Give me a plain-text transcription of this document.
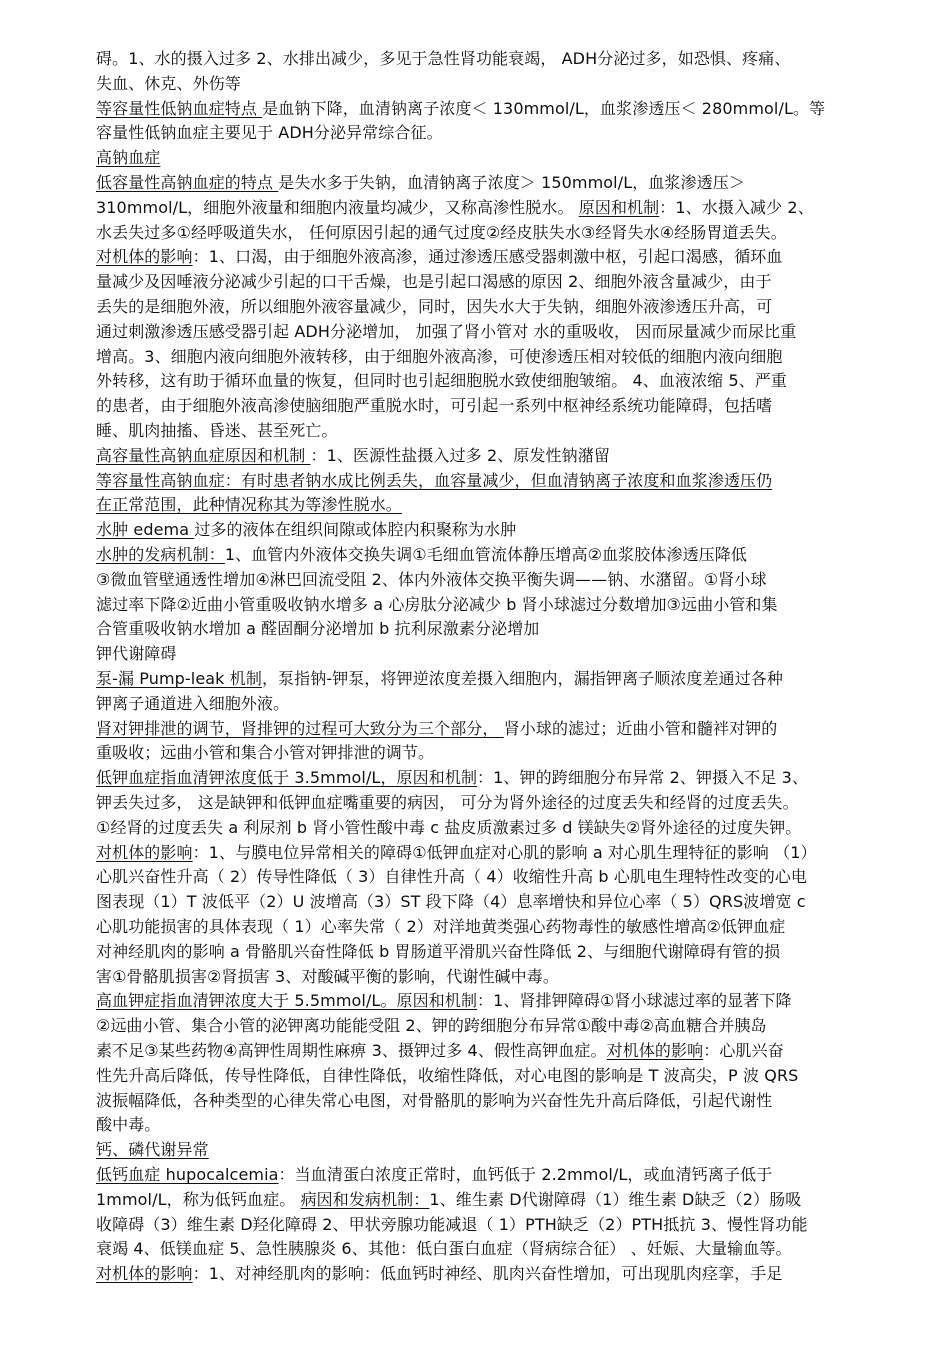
碍。1、水的摄入过多 2、水排出减少，多见于急性肾功能衰竭， ADH分泌过多，如恐惧、疼痛、
失血、休克、外伤等
等容量性低钠血症特点 是血钠下降，血清钠离子浓度＜ 130mmol/L，血浆渗透压＜ 280mmol/L。等
容量性低钠血症主要见于 ADH分泌异常综合征。
高钠血症
低容量性高钠血症的特点 是失水多于失钠，血清钠离子浓度＞ 150mmol/L，血浆渗透压＞
310mmol/L，细胞外液量和细胞内液量均减少，又称高渗性脱水。 原因和机制：1、水摄入减少 2、
水丢失过多①经呼吸道失水， 任何原因引起的通气过度②经皮肤失水③经肾失水④经肠胃道丢失。
对机体的影响：1、口渴，由于细胞外液高渗，通过渗透压感受器刺激中枢，引起口渴感，循环血
量减少及因唾液分泌减少引起的口干舌燥，也是引起口渴感的原因 2、细胞外液含量减少，由于
丢失的是细胞外液，所以细胞外液容量减少，同时，因失水大于失钠，细胞外液渗透压升高，可
通过刺激渗透压感受器引起 ADH分泌增加， 加强了肾小管对 水的重吸收， 因而尿量减少而尿比重
增高。3、细胞内液向细胞外液转移，由于细胞外液高渗，可使渗透压相对较低的细胞内液向细胞
外转移，这有助于循环血量的恢复，但同时也引起细胞脱水致使细胞皱缩。 4、血液浓缩 5、严重
的患者，由于细胞外液高渗使脑细胞严重脱水时，可引起一系列中枢神经系统功能障碍，包括嗜
睡、肌肉抽搐、昏迷、甚至死亡。
高容量性高钠血症原因和机制 ：1、医源性盐摄入过多 2、原发性钠潴留
等容量性高钠血症：有时患者钠水成比例丢失，血容量减少，但血清钠离子浓度和血浆渗透压仍
在正常范围，此种情况称其为等渗性脱水。
水肿 edema 过多的液体在组织间隙或体腔内积聚称为水肿
水肿的发病机制：1、血管内外液体交换失调①毛细血管流体静压增高②血浆胶体渗透压降低
③微血管壁通透性增加④淋巴回流受阻 2、体内外液体交换平衡失调——钠、水潴留。①肾小球
滤过率下降②近曲小管重吸收钠水增多 a 心房肽分泌减少 b 肾小球滤过分数增加③远曲小管和集
合管重吸收钠水增加 a 醛固酮分泌增加 b 抗利尿激素分泌增加
钾代谢障碍
泵-漏 Pump-leak 机制，泵指钠-钾泵，将钾逆浓度差摄入细胞内，漏指钾离子顺浓度差通过各种
钾离子通道进入细胞外液。
肾对钾排泄的调节，肾排钾的过程可大致分为三个部分， 肾小球的滤过；近曲小管和髓袢对钾的
重吸收；远曲小管和集合小管对钾排泄的调节。
低钾血症指血清钾浓度低于 3.5mmol/L，原因和机制：1、钾的跨细胞分布异常 2、钾摄入不足 3、
钾丢失过多， 这是缺钾和低钾血症嘴重要的病因， 可分为肾外途径的过度丢失和经肾的过度丢失。
①经肾的过度丢失 a 利尿剂 b 肾小管性酸中毒 c 盐皮质激素过多 d 镁缺失②肾外途径的过度失钾。
对机体的影响：1、与膜电位异常相关的障碍①低钾血症对心肌的影响 a 对心肌生理特征的影响 （1）
心肌兴奋性升高（ 2）传导性降低（ 3）自律性升高（ 4）收缩性升高 b 心肌电生理特性改变的心电
图表现（1）T 波低平（2）U 波增高（3）ST 段下降（4）息率增快和异位心率（ 5）QRS波增宽 c
心肌功能损害的具体表现（ 1）心率失常（ 2）对洋地黄类强心药物毒性的敏感性增高②低钾血症
对神经肌肉的影响 a 骨骼肌兴奋性降低 b 胃肠道平滑肌兴奋性降低 2、与细胞代谢障碍有管的损
害①骨骼肌损害②肾损害 3、对酸碱平衡的影响，代谢性碱中毒。
高血钾症指血清钾浓度大于 5.5mmol/L。原因和机制：1、肾排钾障碍①肾小球滤过率的显著下降
②远曲小管、集合小管的泌钾离功能能受阻 2、钾的跨细胞分布异常①酸中毒②高血糖合并胰岛
素不足③某些药物④高钾性周期性麻痹 3、摄钾过多 4、假性高钾血症。对机体的影响：心肌兴奋
性先升高后降低，传导性降低，自律性降低，收缩性降低，对心电图的影响是 T 波高尖，P 波 QRS
波振幅降低，各种类型的心律失常心电图，对骨骼肌的影响为兴奋性先升高后降低，引起代谢性
酸中毒。
钙、磷代谢异常
低钙血症 hupocalcemia：当血清蛋白浓度正常时，血钙低于 2.2mmol/L，或血清钙离子低于
1mmol/L，称为低钙血症。 病因和发病机制：1、维生素 D代谢障碍（1）维生素 D缺乏（2）肠吸
收障碍（3）维生素 D羟化障碍 2、甲状旁腺功能减退（ 1）PTH缺乏（2）PTH抵抗 3、慢性肾功能
衰竭 4、低镁血症 5、急性胰腺炎 6、其他：低白蛋白血症（肾病综合征） 、妊娠、大量输血等。
对机体的影响：1、对神经肌肉的影响：低血钙时神经、肌肉兴奋性增加，可出现肌肉痉挛，手足
